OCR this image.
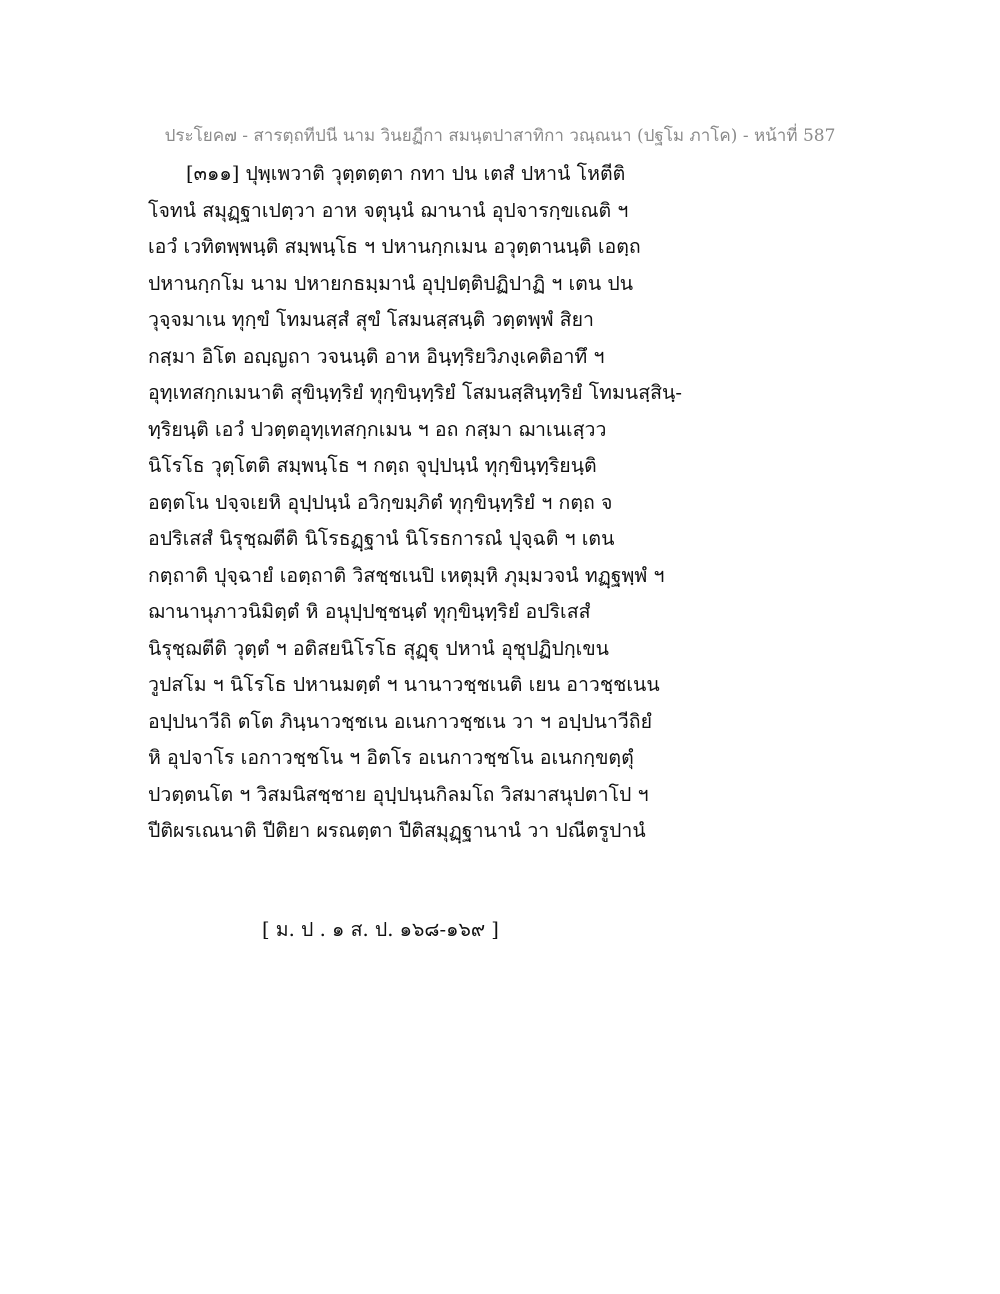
ประโยค๗ - สารตฺถทีปนี นาม วินยฏีกา สมนฺตปาสาทิกา วณฺณนา (ปฐโม ภาโค) - หน้าที่ 587
[๓๑๑] ปุพฺเพวาติ วุตฺตตฺตา กทา ปน เตสํ ปหานํ โหตีติ
โจทนํ สมุฏฺฐาเปตฺวา อาห จตุนฺนํ ฌานานํ อุปจารกฺขเณติ ฯ
เอวํ เวทิตพฺพนฺติ สมฺพนฺโธ ฯ ปหานกฺกเมน อวุตฺตานนฺติ เอตฺถ
ปหานกฺกโม นาม ปหายกธมฺมานํ อุปฺปตฺติปฏิปาฏิ ฯ เตน ปน
วุจฺจมาเน ทุกฺขํ โทมนสฺสํ สุขํ โสมนสฺสนฺติ วตฺตพฺพํ สิยา
กสฺมา อิโต อญฺญถา วจนนฺติ อาห อินฺทฺริยวิภงฺเคติอาทึ ฯ
อุทฺเทสกฺกเมนาติ สุขินฺทฺริยํ ทุกฺขินฺทฺริยํ โสมนสฺสินฺทฺริยํ โทมนสฺสินฺ-
ทฺริยนฺติ เอวํ ปวตฺตอุทฺเทสกฺกเมน ฯ อถ กสฺมา ฌาเนเสฺวว
นิโรโธ วุตฺโตติ สมฺพนฺโธ ฯ กตฺถ จุปฺปนฺนํ ทุกฺขินฺทฺริยนฺติ
อตฺตโน ปจฺจเยหิ อุปฺปนฺนํ อวิกฺขมฺภิตํ ทุกฺขินฺทฺริยํ ฯ กตฺถ จ
อปริเสสํ นิรุชฺฌตีติ นิโรธฏฺฐานํ นิโรธการณํ ปุจฺฉติ ฯ เตน
กตฺถาติ ปุจฺฉายํ เอตฺถาติ วิสชฺชเนปิ เหตุมฺหิ ภุมฺมวจนํ ทฏฺฐพฺพํ ฯ
ฌานานุภาวนิมิตฺตํ หิ อนุปฺปชฺชนฺตํ ทุกฺขินฺทฺริยํ อปริเสสํ
นิรุชฺฌตีติ วุตฺตํ ฯ อติสยนิโรโธ สุฏฺฐุ ปหานํ อุชุปฏิปกฺเขน
วูปสโม ฯ นิโรโธ ปหานมตฺตํ ฯ นานาวชฺชเนติ เยน อาวชฺชเนน
อปฺปนาวีถิ ตโต ภินฺนาวชฺชเน อเนกาวชฺชเน วา ฯ อปฺปนาวีถิยํ
หิ อุปจาโร เอกาวชฺชโน ฯ อิตโร อเนกาวชฺชโน อเนกกฺขตฺตุํ
ปวตฺตนโต ฯ วิสมนิสชฺชาย อุปฺปนฺนกิลมโถ วิสมาสนุปตาโป ฯ
ปีติผรเณนาติ ปีติยา ผรณตฺตา ปีติสมุฏฺฐานานํ วา ปณีตรูปานํ
[ ม. ป . ๑ ส. ป. ๑๖๘-๑๖๙ ]
